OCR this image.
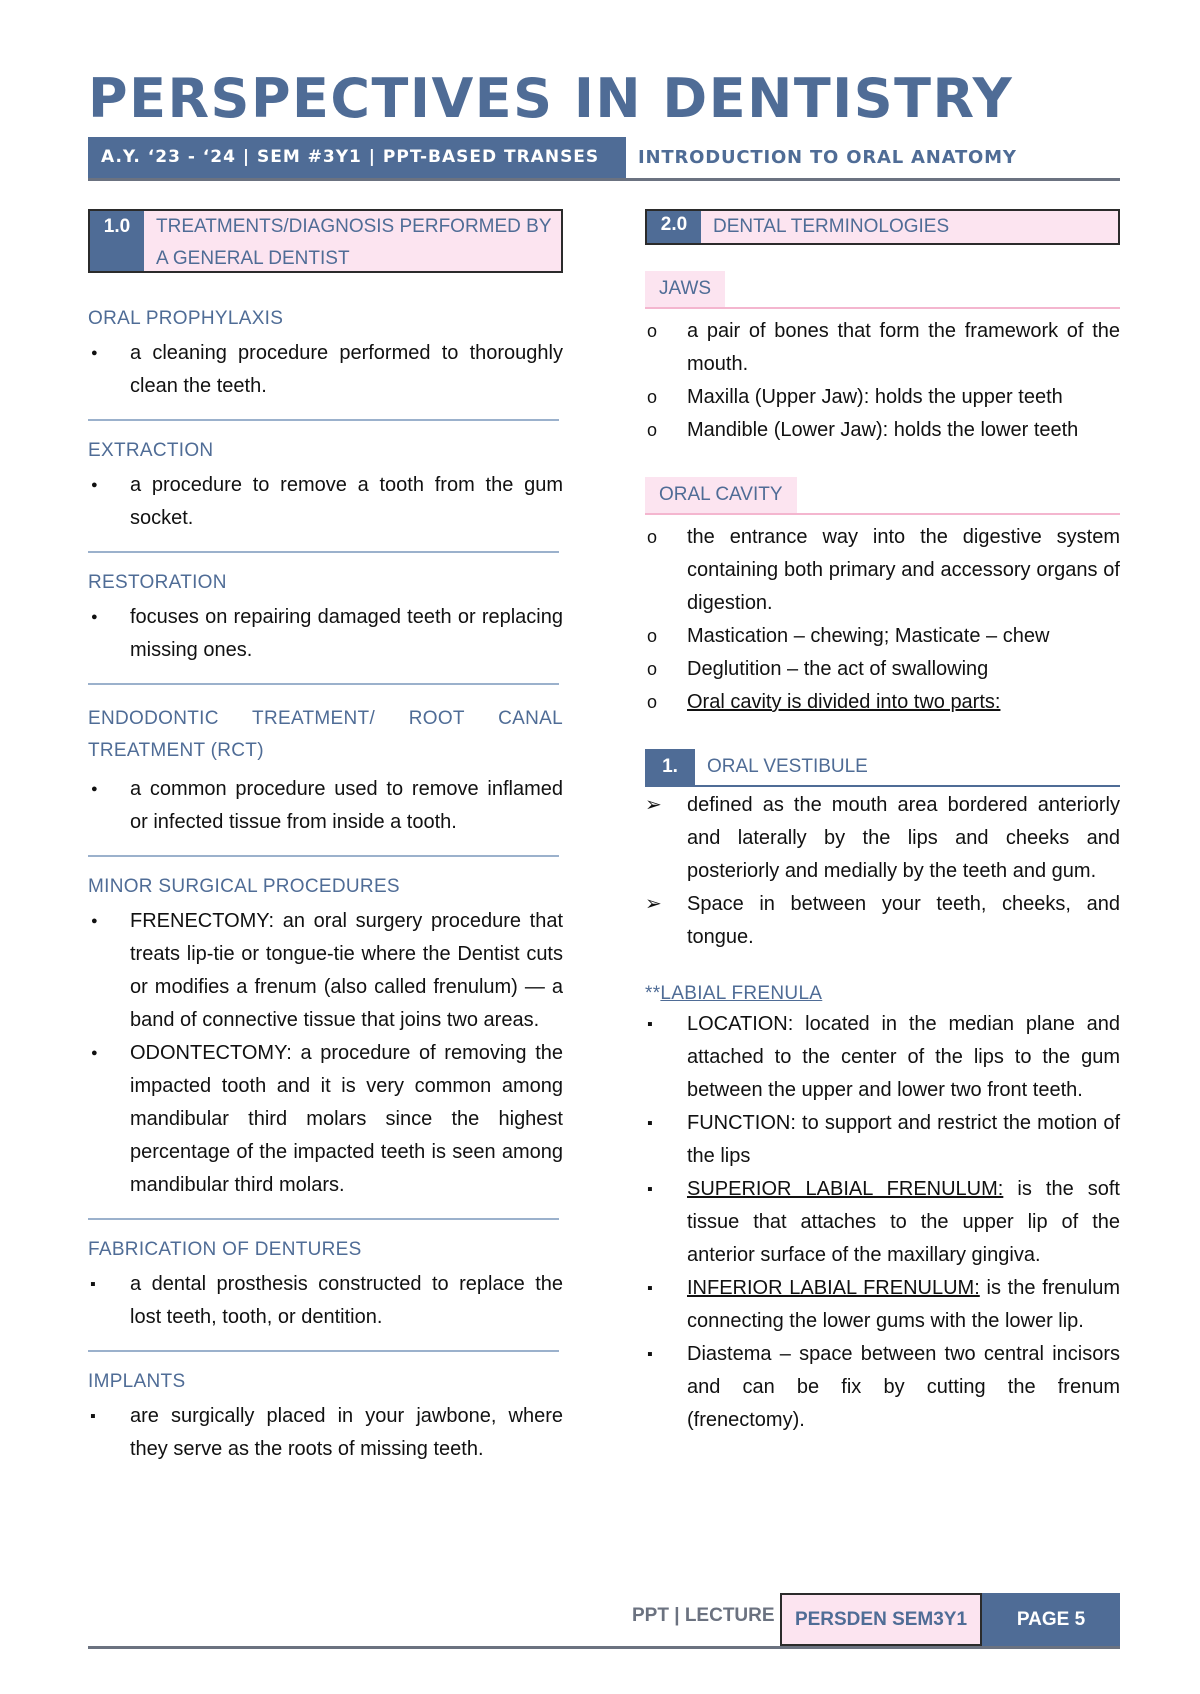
PERSPECTIVES IN DENTISTRY
A.Y. ‘23 - ‘24 | SEM #3Y1 | PPT-BASED TRANSES	INTRODUCTION TO ORAL ANATOMY
1.0	TREATMENTS/DIAGNOSIS PERFORMED BY A GENERAL DENTIST

ORAL PROPHYLAXIS

● a cleaning procedure performed to thoroughly clean the teeth.

EXTRACTION

● a procedure to remove a tooth from the gum socket.

RESTORATION

● focuses on repairing damaged teeth or replacing missing ones.

ENDODONTIC TREATMENT/ ROOT CANAL TREATMENT (RCT)

● a common procedure used to remove inflamed or infected tissue from inside a tooth.

MINOR SURGICAL PROCEDURES

● FRENECTOMY: an oral surgery procedure that treats lip-tie or tongue-tie where the Dentist cuts or modifies a frenum (also called frenulum) — a band of connective tissue that joins two areas.
● ODONTECTOMY: a procedure of removing the impacted tooth and it is very common among mandibular third molars since the highest percentage of the impacted teeth is seen among mandibular third molars.

FABRICATION OF DENTURES

▪ a dental prosthesis constructed to replace the lost teeth, tooth, or dentition.

IMPLANTS

▪ are surgically placed in your jawbone, where they serve as the roots of missing teeth.
2.0	DENTAL TERMINOLOGIES
JAWS
o a pair of bones that form the framework of the mouth.
o Maxilla (Upper Jaw): holds the upper teeth
o Mandible (Lower Jaw): holds the lower teeth
ORAL CAVITY
o the entrance way into the digestive system containing both primary and accessory organs of digestion.
o Mastication – chewing; Masticate – chew
o Deglutition – the act of swallowing
o Oral cavity is divided into two parts:
1.	ORAL VESTIBULE
➢ defined as the mouth area bordered anteriorly and laterally by the lips and cheeks and posteriorly and medially by the teeth and gum.
➢ Space in between your teeth, cheeks, and tongue.

**LABIAL FRENULA

▪ LOCATION: located in the median plane and attached to the center of the lips to the gum between the upper and lower two front teeth.
▪ FUNCTION: to support and restrict the motion of the lips
▪ SUPERIOR LABIAL FRENULUM: is the soft tissue that attaches to the upper lip of the anterior surface of the maxillary gingiva.
▪ INFERIOR LABIAL FRENULUM: is the frenulum connecting the lower gums with the lower lip.
▪ Diastema – space between two central incisors and can be fix by cutting the frenum (frenectomy).
PPT | LECTURE	PERSDEN SEM3Y1	PAGE 5
